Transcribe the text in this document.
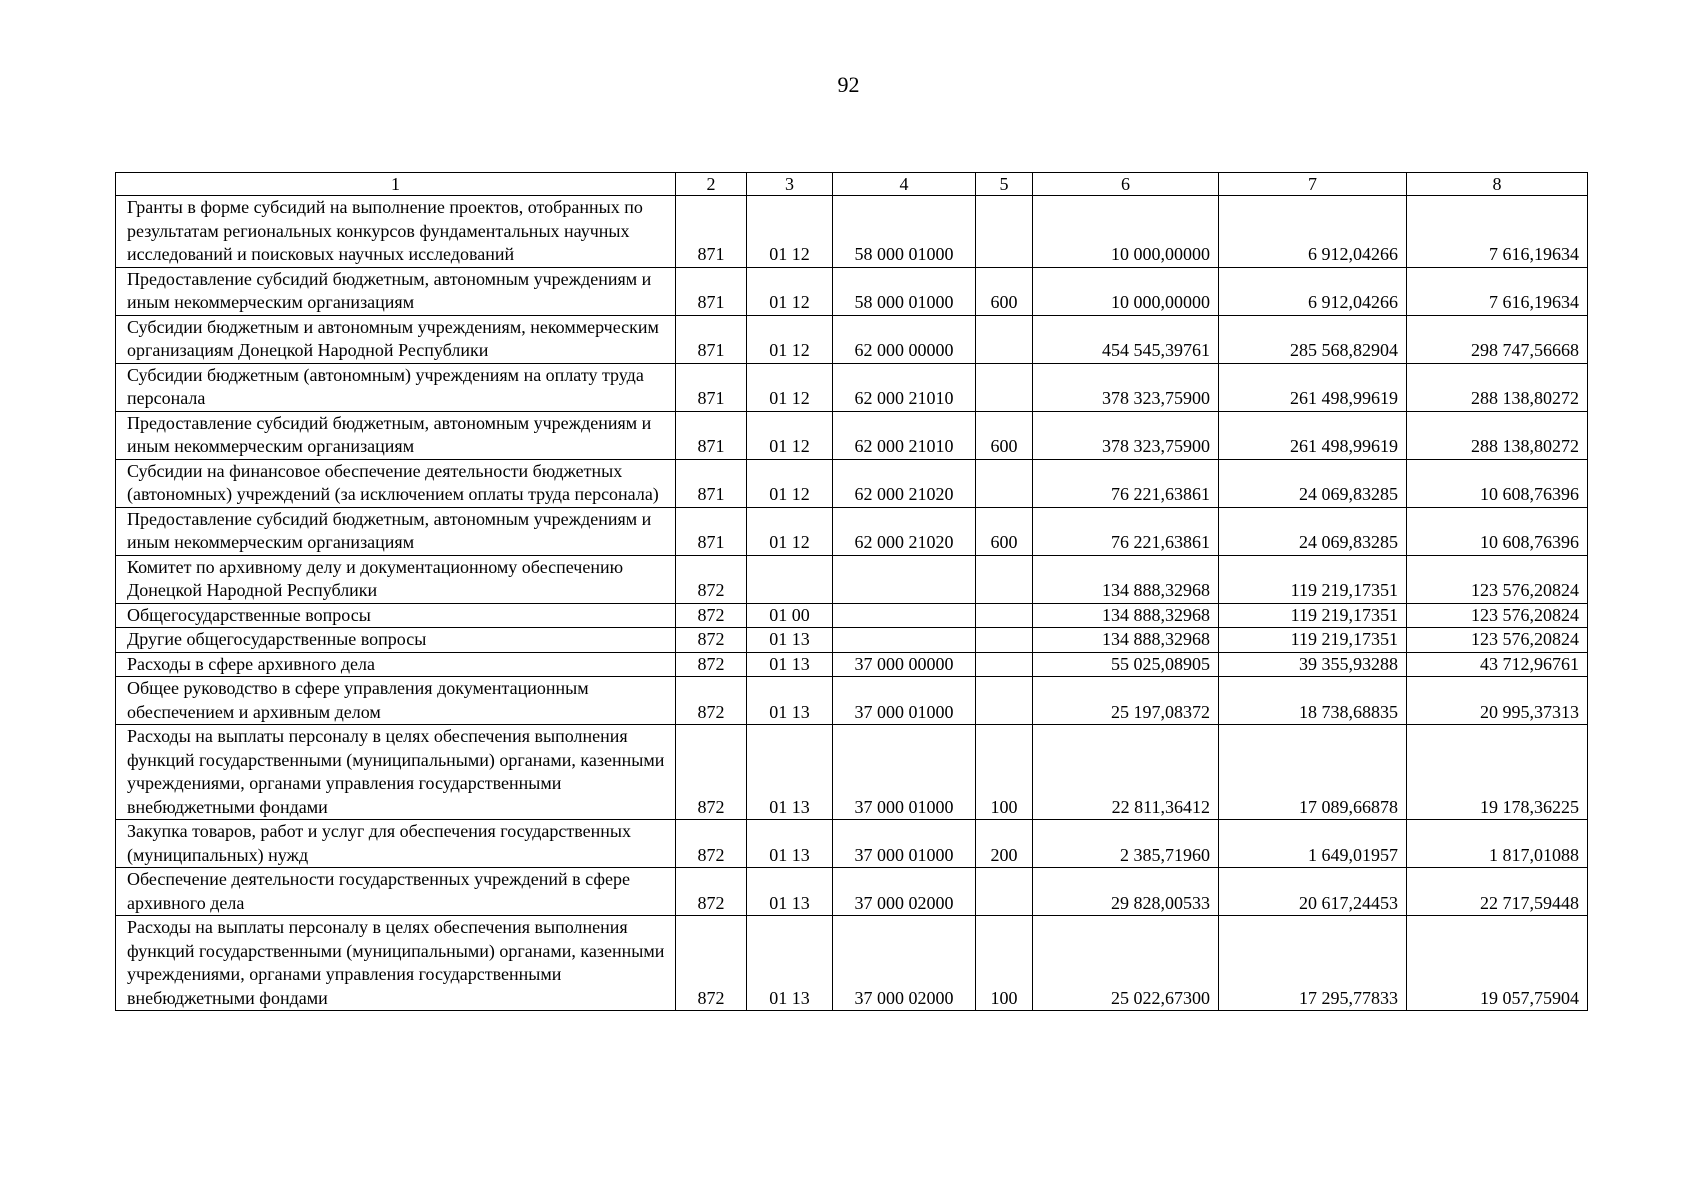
92
1	2	3	4	5	6	7	8
Гранты в форме субсидий на выполнение проектов, отобранных по результатам региональных конкурсов фундаментальных научных исследований и поисковых научных исследований	871	01 12	58 000 01000		10 000,00000	6 912,04266	7 616,19634
Предоставление субсидий бюджетным, автономным учреждениям и иным некоммерческим организациям	871	01 12	58 000 01000	600	10 000,00000	6 912,04266	7 616,19634
Субсидии бюджетным и автономным учреждениям, некоммерческим организациям Донецкой Народной Республики	871	01 12	62 000 00000		454 545,39761	285 568,82904	298 747,56668
Субсидии бюджетным (автономным) учреждениям на оплату труда персонала	871	01 12	62 000 21010		378 323,75900	261 498,99619	288 138,80272
Предоставление субсидий бюджетным, автономным учреждениям и иным некоммерческим организациям	871	01 12	62 000 21010	600	378 323,75900	261 498,99619	288 138,80272
Субсидии на финансовое обеспечение деятельности бюджетных (автономных) учреждений (за исключением оплаты труда персонала)	871	01 12	62 000 21020		76 221,63861	24 069,83285	10 608,76396
Предоставление субсидий бюджетным, автономным учреждениям и иным некоммерческим организациям	871	01 12	62 000 21020	600	76 221,63861	24 069,83285	10 608,76396
Комитет по архивному делу и документационному обеспечению Донецкой Народной Республики	872				134 888,32968	119 219,17351	123 576,20824
Общегосударственные вопросы	872	01 00			134 888,32968	119 219,17351	123 576,20824
Другие общегосударственные вопросы	872	01 13			134 888,32968	119 219,17351	123 576,20824
Расходы в сфере архивного дела	872	01 13	37 000 00000		55 025,08905	39 355,93288	43 712,96761
Общее руководство в сфере управления документационным обеспечением и архивным делом	872	01 13	37 000 01000		25 197,08372	18 738,68835	20 995,37313
Расходы на выплаты персоналу в целях обеспечения выполнения функций государственными (муниципальными) органами, казенными учреждениями, органами управления государственными внебюджетными фондами	872	01 13	37 000 01000	100	22 811,36412	17 089,66878	19 178,36225
Закупка товаров, работ и услуг для обеспечения государственных (муниципальных) нужд	872	01 13	37 000 01000	200	2 385,71960	1 649,01957	1 817,01088
Обеспечение деятельности государственных учреждений в сфере архивного дела	872	01 13	37 000 02000		29 828,00533	20 617,24453	22 717,59448
Расходы на выплаты персоналу в целях обеспечения выполнения функций государственными (муниципальными) органами, казенными учреждениями, органами управления государственными внебюджетными фондами	872	01 13	37 000 02000	100	25 022,67300	17 295,77833	19 057,75904
